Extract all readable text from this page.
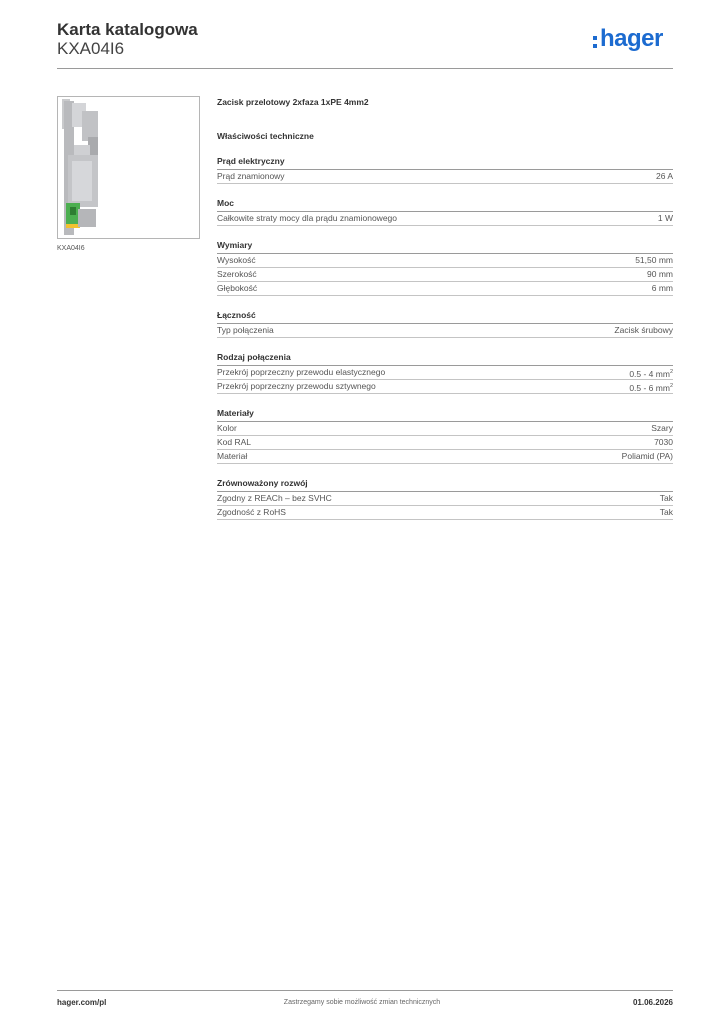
Karta katalogowa
KXA04I6	hager
KXA04I6
Zacisk przelotowy 2xfaza 1xPE 4mm2
Właściwości techniczne
Prąd elektryczny
Prąd znamionowy	26 A
Moc
Całkowite straty mocy dla prądu znamionowego	1 W
Wymiary
Wysokość	51,50 mm
Szerokość	90 mm
Głębokość	6 mm
Łączność
Typ połączenia	Zacisk śrubowy
Rodzaj połączenia
Przekrój poprzeczny przewodu elastycznego	0.5 - 4 $mm^2$
Przekrój poprzeczny przewodu sztywnego	0.5 - 6 $mm^2$
Materiały
Kolor	Szary
Kod RAL	7030
Materiał	Poliamid (PA)
Zrównoważony rozwój
Zgodny z REACh – bez SVHC	Tak
Zgodność z RoHS	Tak
hager.com/pl	Zastrzegamy sobie możliwość zmian technicznych	01.06.2026
